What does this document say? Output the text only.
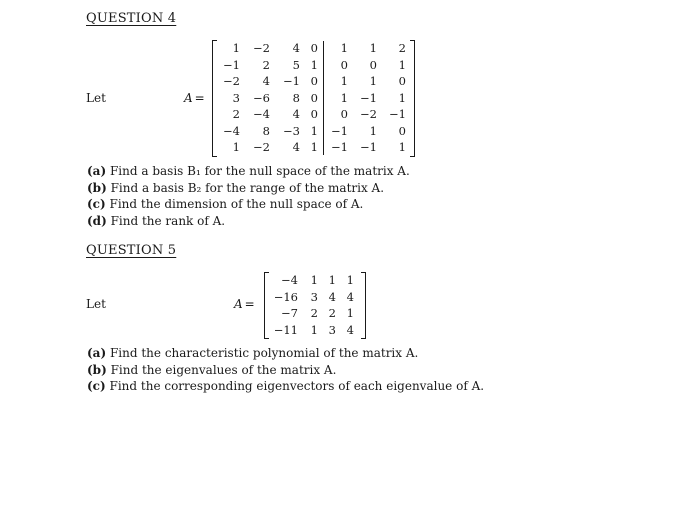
QUESTION 4
Let	A =
1	−2	4	0	1	1	2
−1	2	5	1	0	0	1
−2	4	−1	0	1	1	0
3	−6	8	0	1	−1	1
2	−4	4	0	0	−2	−1
−4	8	−3	1	−1	1	0
1	−2	4	1	−1	−1	1
(a) Find a basis B₁ for the null space of the matrix A.
(b) Find a basis B₂ for the range of the matrix A.
(c) Find the dimension of the null space of A.
(d) Find the rank of A.
QUESTION 5
Let	A =
−4	1	1	1
−16	3	4	4
−7	2	2	1
−11	1	3	4
(a) Find the characteristic polynomial of the matrix A.
(b) Find the eigenvalues of the matrix A.
(c) Find the corresponding eigenvectors of each eigenvalue of A.
